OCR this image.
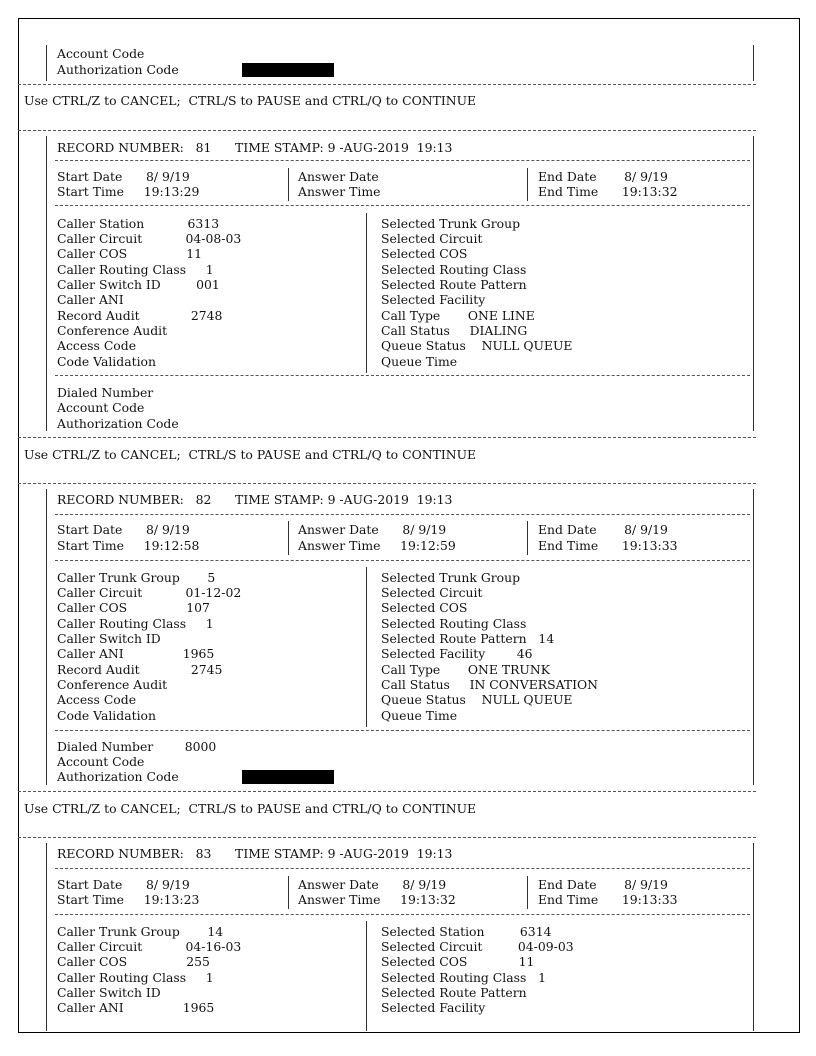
Account Code
Authorization Code
Use CTRL/Z to CANCEL;  CTRL/S to PAUSE and CTRL/Q to CONTINUE
RECORD NUMBER:   81      TIME STAMP: 9 -AUG-2019  19:13
Start Date      8/ 9/19
Start Time     19:13:29
Answer Date
Answer Time
End Date       8/ 9/19
End Time      19:13:32
Caller Station           6313
Caller Circuit           04-08-03
Caller COS               11
Caller Routing Class     1
Caller Switch ID         001
Caller ANI
Record Audit             2748
Conference Audit
Access Code
Code Validation
Selected Trunk Group
Selected Circuit
Selected COS
Selected Routing Class
Selected Route Pattern
Selected Facility
Call Type       ONE LINE
Call Status     DIALING
Queue Status    NULL QUEUE
Queue Time
Dialed Number
Account Code
Authorization Code
Use CTRL/Z to CANCEL;  CTRL/S to PAUSE and CTRL/Q to CONTINUE
RECORD NUMBER:   82      TIME STAMP: 9 -AUG-2019  19:13
Start Date      8/ 9/19
Start Time     19:12:58
Answer Date      8/ 9/19
Answer Time     19:12:59
End Date       8/ 9/19
End Time      19:13:33
Caller Trunk Group       5
Caller Circuit           01-12-02
Caller COS               107
Caller Routing Class     1
Caller Switch ID
Caller ANI               1965
Record Audit             2745
Conference Audit
Access Code
Code Validation
Selected Trunk Group
Selected Circuit
Selected COS
Selected Routing Class
Selected Route Pattern   14
Selected Facility        46
Call Type       ONE TRUNK
Call Status     IN CONVERSATION
Queue Status    NULL QUEUE
Queue Time
Dialed Number        8000
Account Code
Authorization Code
Use CTRL/Z to CANCEL;  CTRL/S to PAUSE and CTRL/Q to CONTINUE
RECORD NUMBER:   83      TIME STAMP: 9 -AUG-2019  19:13
Start Date      8/ 9/19
Start Time     19:13:23
Answer Date      8/ 9/19
Answer Time     19:13:32
End Date       8/ 9/19
End Time      19:13:33
Caller Trunk Group       14
Caller Circuit           04-16-03
Caller COS               255
Caller Routing Class     1
Caller Switch ID
Caller ANI               1965
Selected Station         6314
Selected Circuit         04-09-03
Selected COS             11
Selected Routing Class   1
Selected Route Pattern
Selected Facility
